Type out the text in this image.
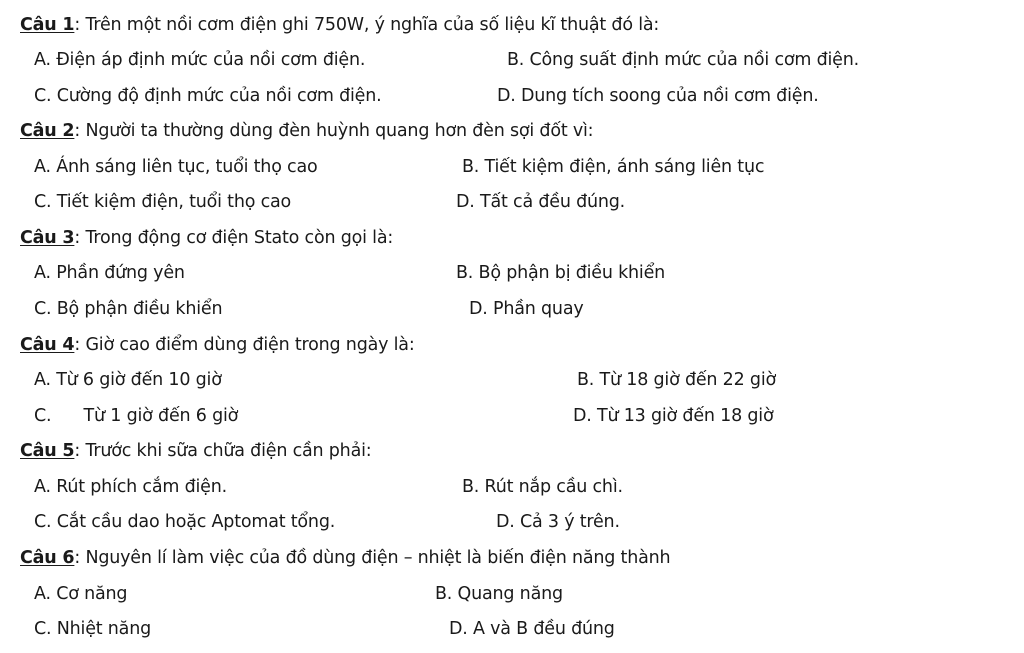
Câu 1: Trên một nồi cơm điện ghi 750W, ý nghĩa của số liệu kĩ thuật đó là:
A. Điện áp định mức của nồi cơm điện.	B. Công suất định mức của nồi cơm điện.
C. Cường độ định mức của nồi cơm điện.	D. Dung tích soong của nồi cơm điện.
Câu 2: Người ta thường dùng đèn huỳnh quang hơn đèn sợi đốt vì:
A. Ánh sáng liên tục, tuổi thọ cao	B. Tiết kiệm điện, ánh sáng liên tục
C. Tiết kiệm điện, tuổi thọ cao	D. Tất cả đều đúng.
Câu 3: Trong động cơ điện Stato còn gọi là:
A. Phần đứng yên	B. Bộ phận bị điều khiển
C. Bộ phận điều khiển	D. Phần quay
Câu 4: Giờ cao điểm dùng điện trong ngày là:
A. Từ 6 giờ đến 10 giờ	B. Từ 18 giờ đến 22 giờ
C.      Từ 1 giờ đến 6 giờ	D. Từ 13 giờ đến 18 giờ
Câu 5: Trước khi sữa chữa điện cần phải:
A. Rút phích cắm điện.	B. Rút nắp cầu chì.
C. Cắt cầu dao hoặc Aptomat tổng.	D. Cả 3 ý trên.
Câu 6: Nguyên lí làm việc của đồ dùng điện – nhiệt là biến điện năng thành
A. Cơ năng	B. Quang năng
C. Nhiệt năng	D. A và B đều đúng
